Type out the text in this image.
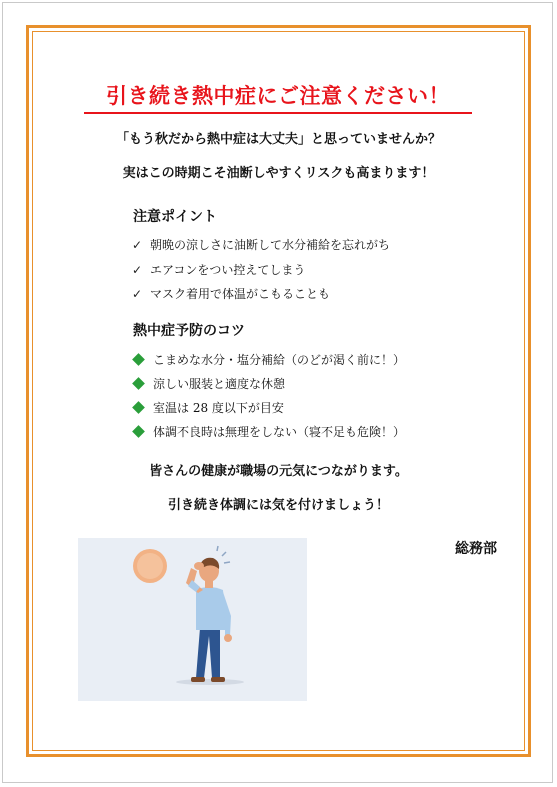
引き続き熱中症にご注意ください！
「もう秋だから熱中症は大丈夫」と思っていませんか？
実はこの時期こそ油断しやすくリスクも高まります！
注意ポイント
✓ 朝晩の涼しさに油断して水分補給を忘れがち
✓ エアコンをつい控えてしまう
✓ マスク着用で体温がこもることも
熱中症予防のコツ
こまめな水分・塩分補給（のどが渇く前に！）
涼しい服装と適度な休憩
室温は 28 度以下が目安
体調不良時は無理をしない（寝不足も危険！）
皆さんの健康が職場の元気につながります。
引き続き体調には気を付けましょう！
総務部
